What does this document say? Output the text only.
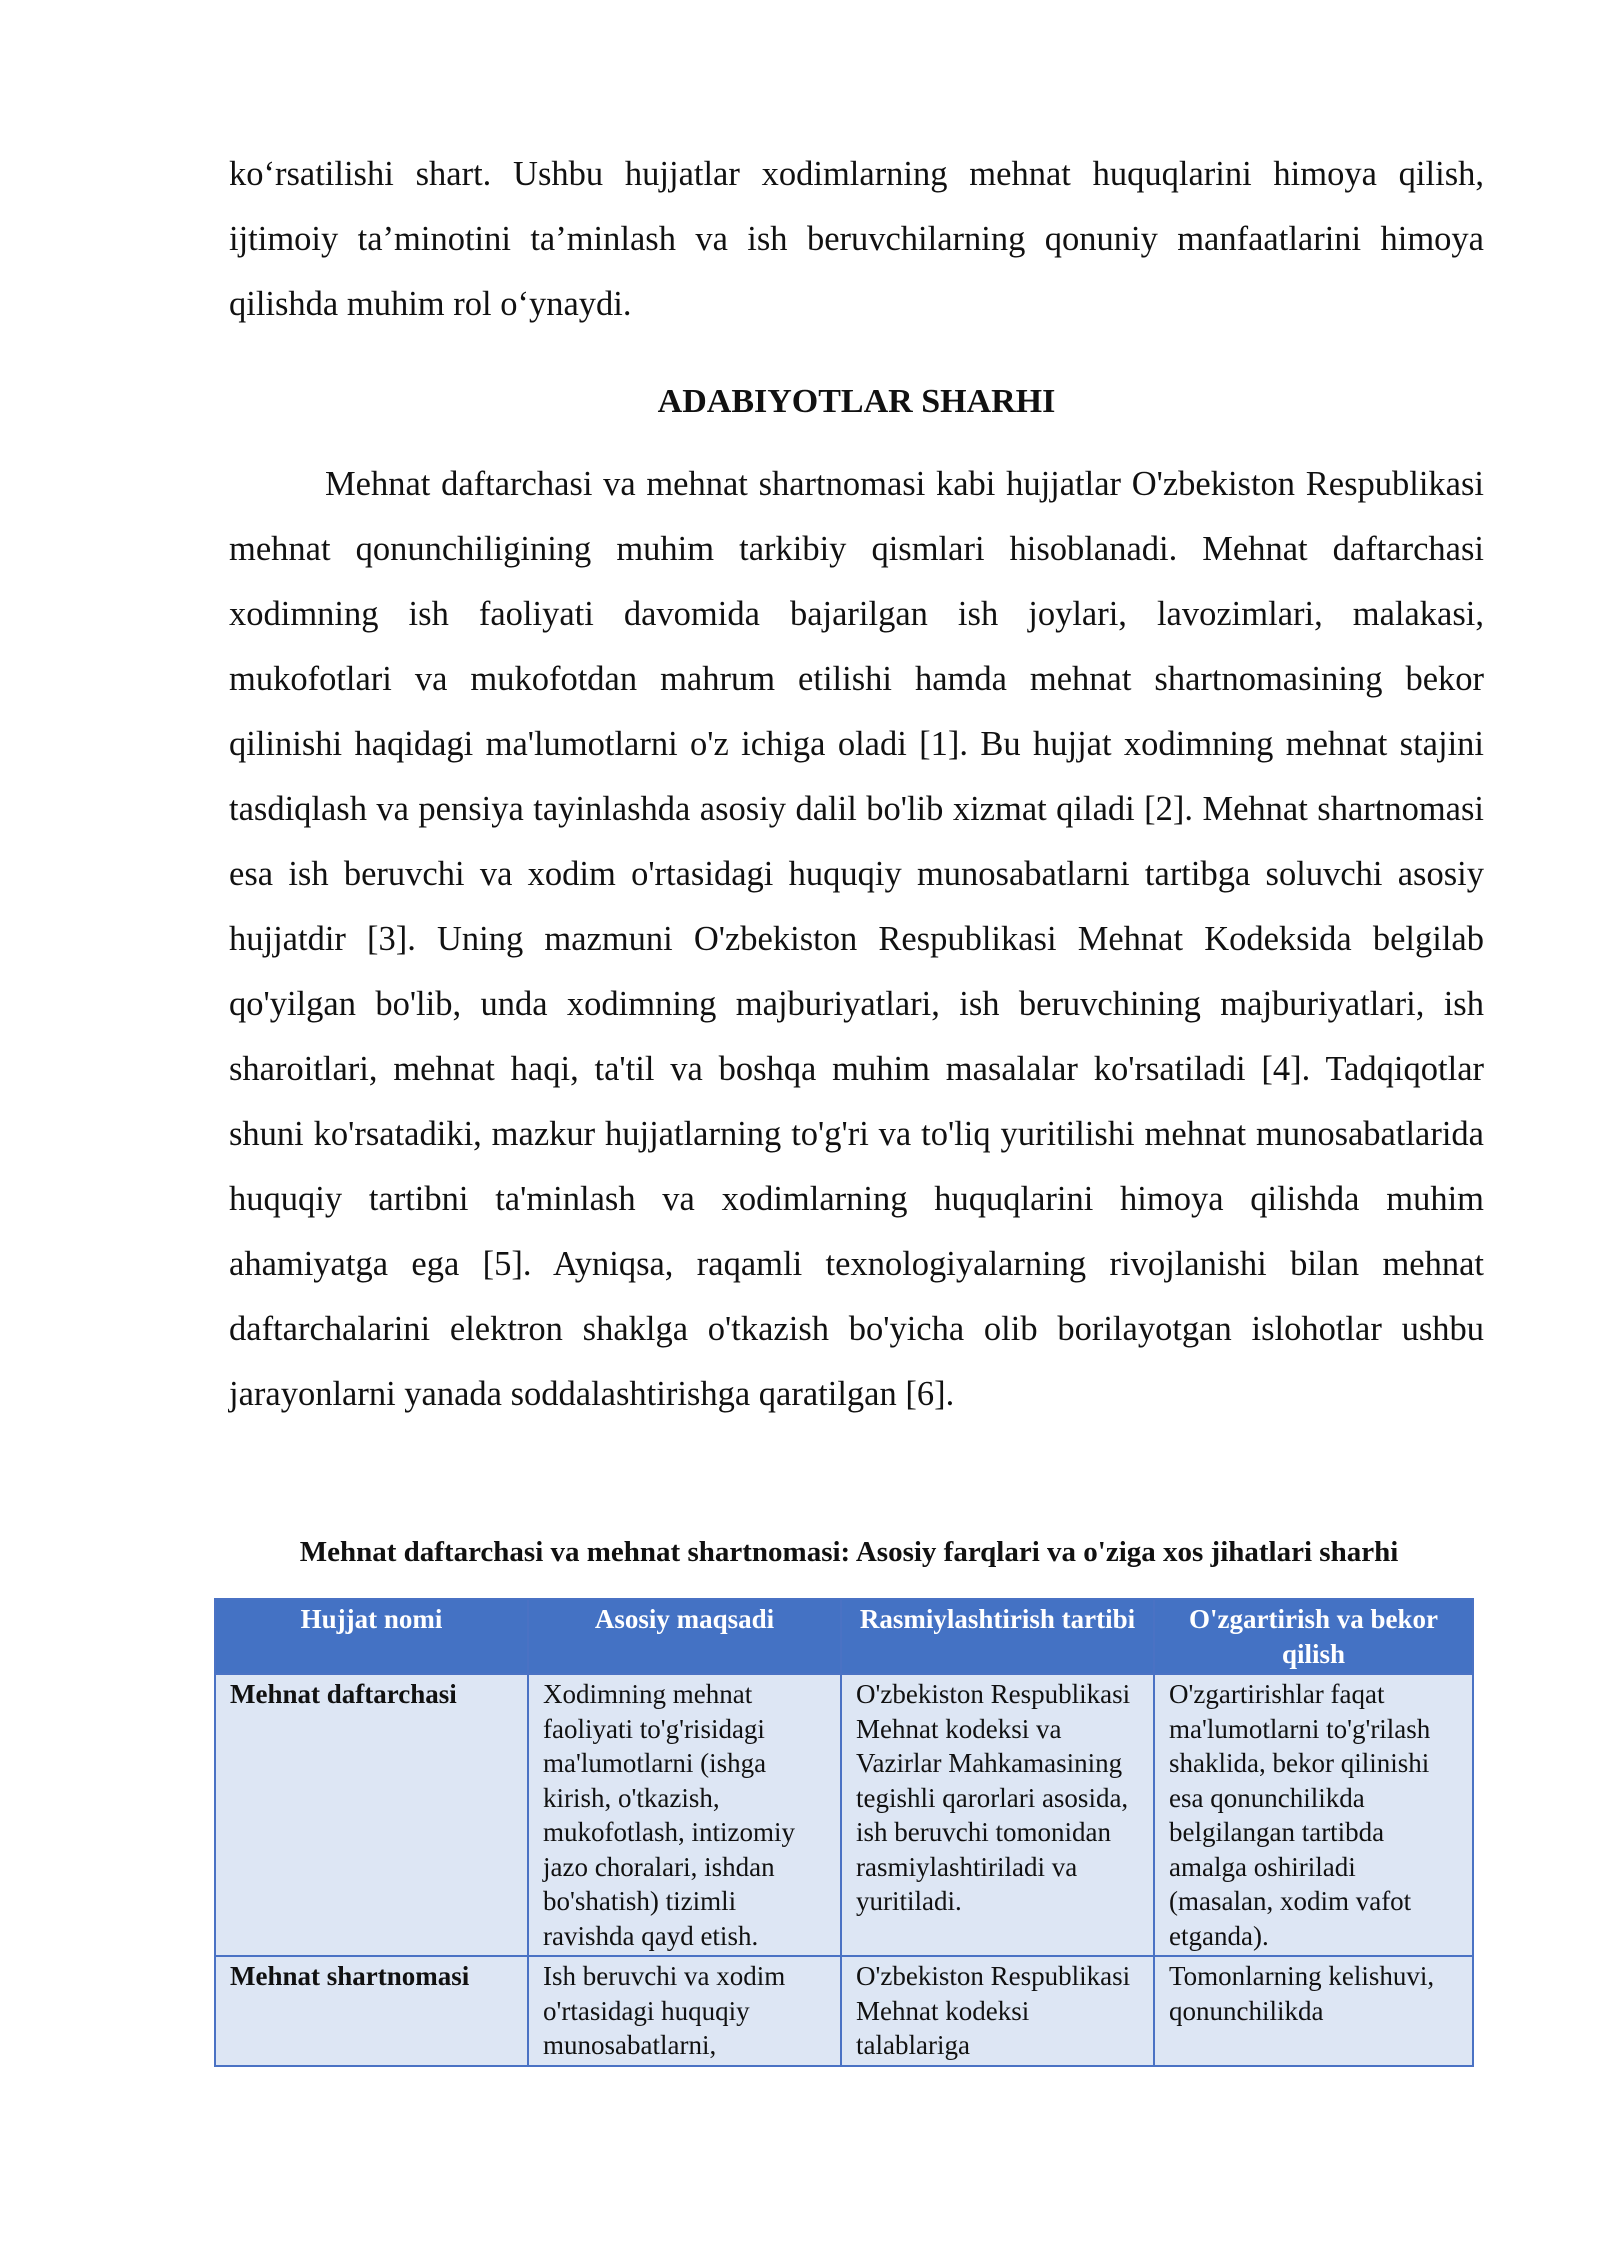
ko‘rsatilishi shart. Ushbu hujjatlar xodimlarning mehnat huquqlarini himoya qilish, ijtimoiy ta’minotini ta’minlash va ish beruvchilarning qonuniy manfaatlarini himoya qilishda muhim rol o‘ynaydi.

ADABIYOTLAR SHARHI

Mehnat daftarchasi va mehnat shartnomasi kabi hujjatlar O'zbekiston Respublikasi mehnat qonunchiligining muhim tarkibiy qismlari hisoblanadi. Mehnat daftarchasi xodimning ish faoliyati davomida bajarilgan ish joylari, lavozimlari, malakasi, mukofotlari va mukofotdan mahrum etilishi hamda mehnat shartnomasining bekor qilinishi haqidagi ma'lumotlarni o'z ichiga oladi [1]. Bu hujjat xodimning mehnat stajini tasdiqlash va pensiya tayinlashda asosiy dalil bo'lib xizmat qiladi [2]. Mehnat shartnomasi esa ish beruvchi va xodim o'rtasidagi huquqiy munosabatlarni tartibga soluvchi asosiy hujjatdir [3]. Uning mazmuni O'zbekiston Respublikasi Mehnat Kodeksida belgilab qo'yilgan bo'lib, unda xodimning majburiyatlari, ish beruvchining majburiyatlari, ish sharoitlari, mehnat haqi, ta'til va boshqa muhim masalalar ko'rsatiladi [4]. Tadqiqotlar shuni ko'rsatadiki, mazkur hujjatlarning to'g'ri va to'liq yuritilishi mehnat munosabatlarida huquqiy tartibni ta'minlash va xodimlarning huquqlarini himoya qilishda muhim ahamiyatga ega [5]. Ayniqsa, raqamli texnologiyalarning rivojlanishi bilan mehnat daftarchalarini elektron shaklga o'tkazish bo'yicha olib borilayotgan islohotlar ushbu jarayonlarni yanada soddalashtirishga qaratilgan [6].

Mehnat daftarchasi va mehnat shartnomasi: Asosiy farqlari va o'ziga xos jihatlari sharhi
Hujjat nomi	Asosiy maqsadi	Rasmiylashtirish tartibi	O'zgartirish va bekor qilish
Mehnat daftarchasi	Xodimning mehnat faoliyati to'g'risidagi ma'lumotlarni (ishga kirish, o'tkazish, mukofotlash, intizomiy jazo choralari, ishdan bo'shatish) tizimli ravishda qayd etish.	O'zbekiston Respublikasi Mehnat kodeksi va Vazirlar Mahkamasining tegishli qarorlari asosida, ish beruvchi tomonidan rasmiylashtiriladi va yuritiladi.	O'zgartirishlar faqat ma'lumotlarni to'g'rilash shaklida, bekor qilinishi esa qonunchilikda belgilangan tartibda amalga oshiriladi (masalan, xodim vafot etganda).
Mehnat shartnomasi	Ish beruvchi va xodim o'rtasidagi huquqiy munosabatlarni,	O'zbekiston Respublikasi Mehnat kodeksi talablariga	Tomonlarning kelishuvi, qonunchilikda
